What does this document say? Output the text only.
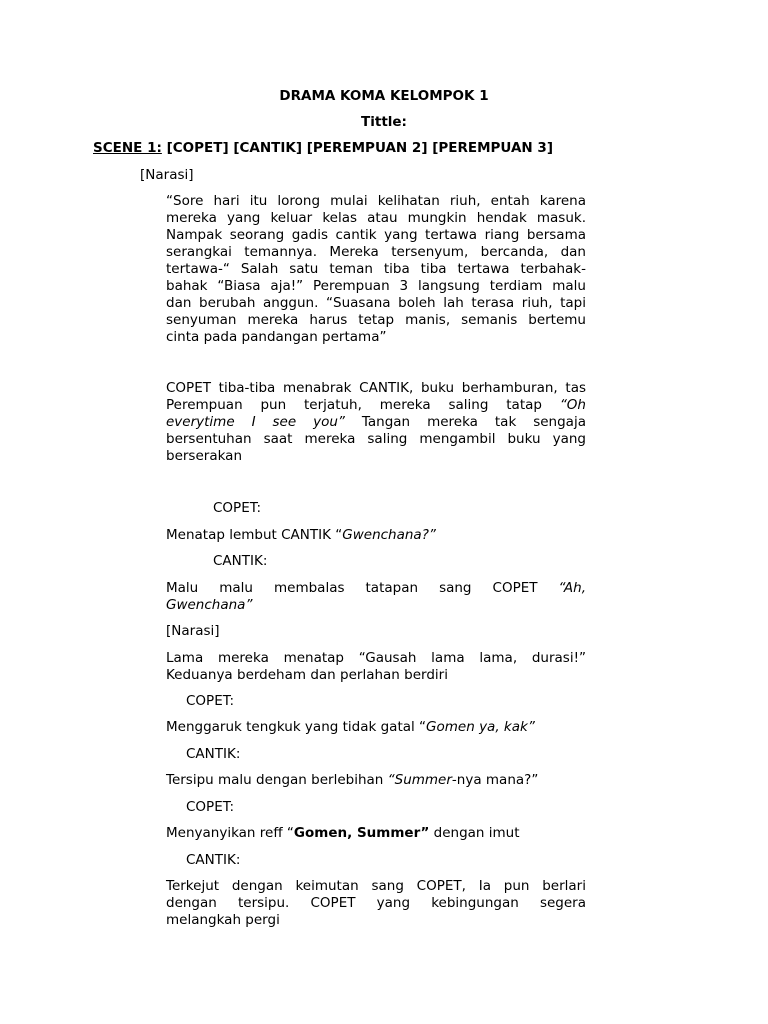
DRAMA KOMA KELOMPOK 1
Tittle:
SCENE 1: [COPET] [CANTIK] [PEREMPUAN 2] [PEREMPUAN 3]
[Narasi]
“Sore hari itu lorong mulai kelihatan riuh, entah karena
mereka yang keluar kelas atau mungkin hendak masuk.
Nampak seorang gadis cantik yang tertawa riang bersama
serangkai temannya. Mereka tersenyum, bercanda, dan
tertawa-“ Salah satu teman tiba tiba tertawa terbahak-
bahak “Biasa aja!” Perempuan 3 langsung terdiam malu
dan berubah anggun. “Suasana boleh lah terasa riuh, tapi
senyuman mereka harus tetap manis, semanis bertemu
cinta pada pandangan pertama”
COPET tiba-tiba menabrak CANTIK, buku berhamburan, tas
Perempuan pun terjatuh, mereka saling tatap “Oh
everytime I see you” Tangan mereka tak sengaja
bersentuhan saat mereka saling mengambil buku yang
berserakan
COPET:
Menatap lembut CANTIK “Gwenchana?”
CANTIK:
Malu malu membalas tatapan sang COPET “Ah,
Gwenchana”
[Narasi]
Lama mereka menatap “Gausah lama lama, durasi!”
Keduanya berdeham dan perlahan berdiri
COPET:
Menggaruk tengkuk yang tidak gatal “Gomen ya, kak”
CANTIK:
Tersipu malu dengan berlebihan “Summer-nya mana?”
COPET:
Menyanyikan reff “Gomen, Summer” dengan imut
CANTIK:
Terkejut dengan keimutan sang COPET, Ia pun berlari
dengan tersipu. COPET yang kebingungan segera
melangkah pergi
